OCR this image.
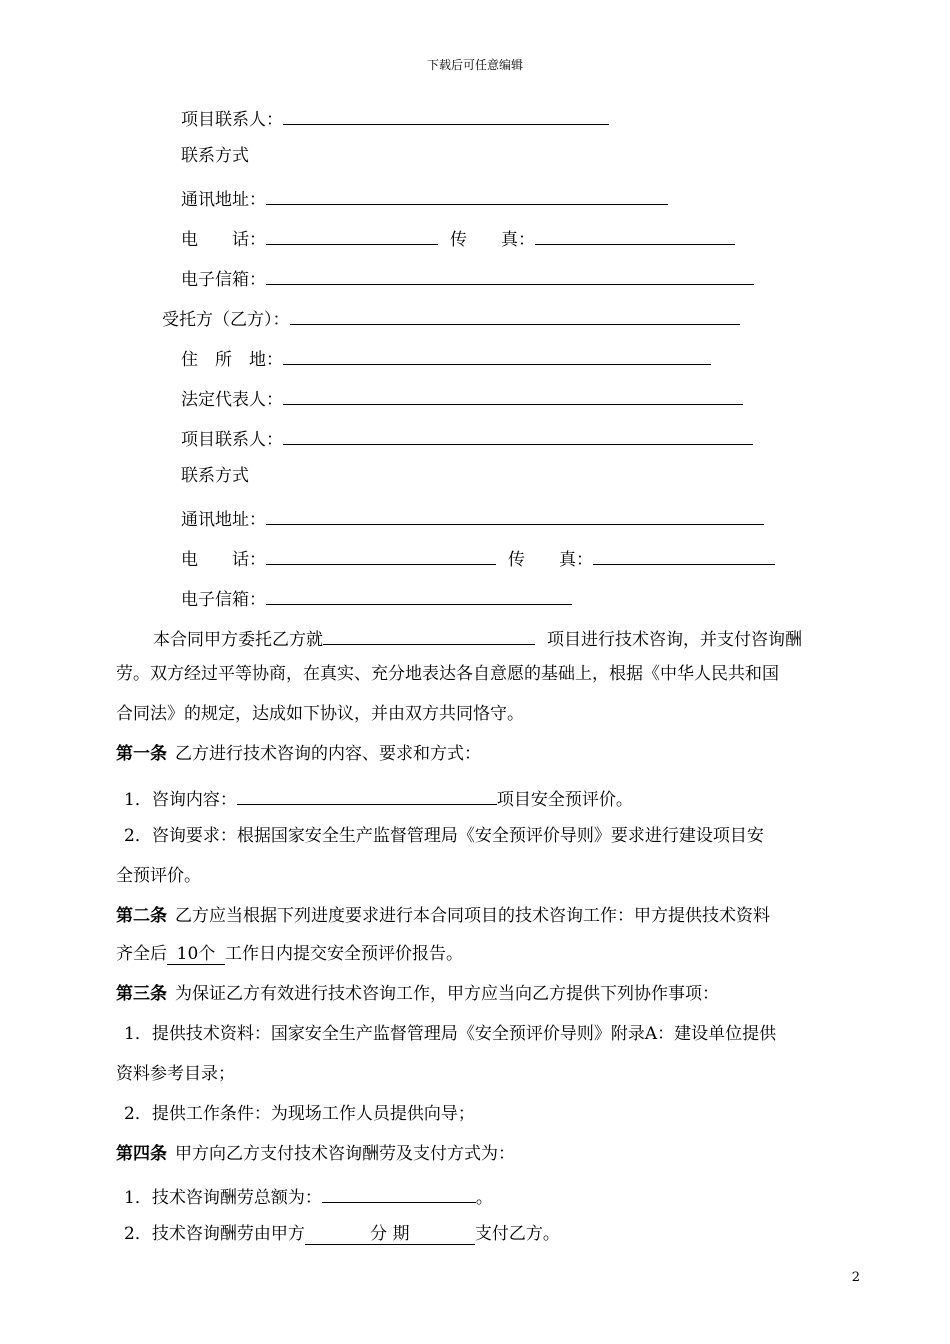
下载后可任意编辑
项目联系人：
联系方式
通讯地址：
电　　话：	传　　真：
电子信箱：
受托方（乙方）：
住　所　地：
法定代表人：
项目联系人：
联系方式
通讯地址：
电　　话：	传　　真：
电子信箱：
本合同甲方委托乙方就	项目进行技术咨询，并支付咨询酬
劳。双方经过平等协商，在真实、充分地表达各自意愿的基础上，根据《中华人民共和国
合同法》的规定，达成如下协议，并由双方共同恪守。
第一条 乙方进行技术咨询的内容、要求和方式：
1．咨询内容：	项目安全预评价。
2．咨询要求：根据国家安全生产监督管理局《安全预评价导则》要求进行建设项目安
全预评价。
第二条 乙方应当根据下列进度要求进行本合同项目的技术咨询工作：甲方提供技术资料
齐全后 10个 工作日内提交安全预评价报告。
第三条 为保证乙方有效进行技术咨询工作，甲方应当向乙方提供下列协作事项：
1．提供技术资料：国家安全生产监督管理局《安全预评价导则》附录A：建设单位提供
资料参考目录；
2．提供工作条件：为现场工作人员提供向导；
第四条 甲方向乙方支付技术咨询酬劳及支付方式为：
1．技术咨询酬劳总额为：	。
2．技术咨询酬劳由甲方	分 期	支付乙方。
2
